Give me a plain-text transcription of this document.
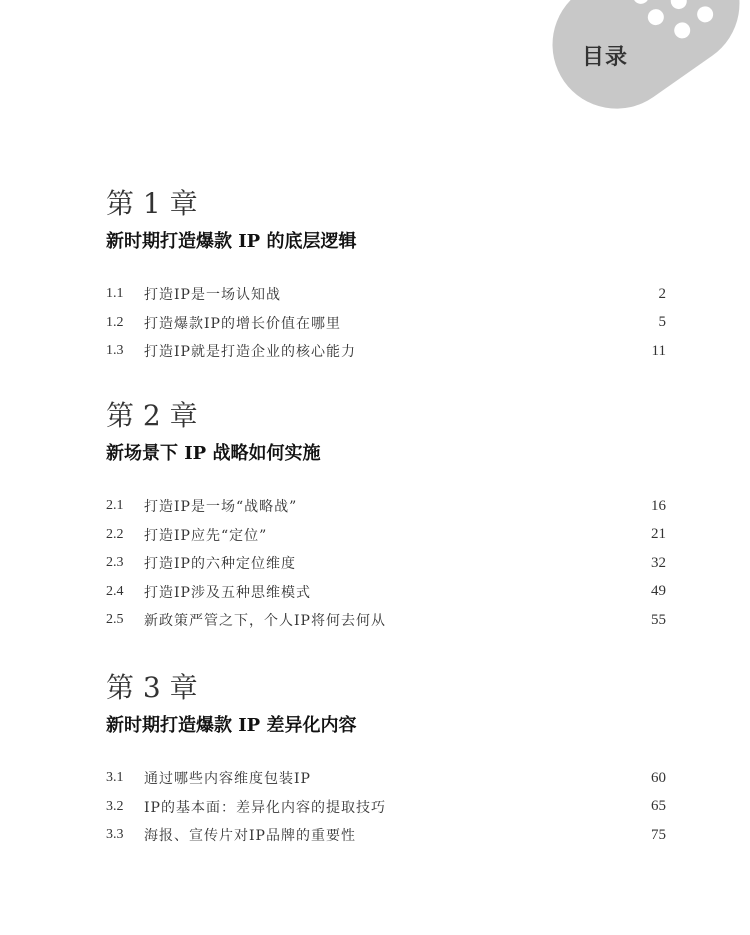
目录
第 1 章
新时期打造爆款 IP 的底层逻辑
1.1	打造IP是一场认知战	2
1.2	打造爆款IP的增长价值在哪里	5
1.3	打造IP就是打造企业的核心能力	11
第 2 章
新场景下 IP 战略如何实施
2.1	打造IP是一场“战略战”	16
2.2	打造IP应先“定位”	21
2.3	打造IP的六种定位维度	32
2.4	打造IP涉及五种思维模式	49
2.5	新政策严管之下，个人IP将何去何从	55
第 3 章
新时期打造爆款 IP 差异化内容
3.1	通过哪些内容维度包装IP	60
3.2	IP的基本面：差异化内容的提取技巧	65
3.3	海报、宣传片对IP品牌的重要性	75
